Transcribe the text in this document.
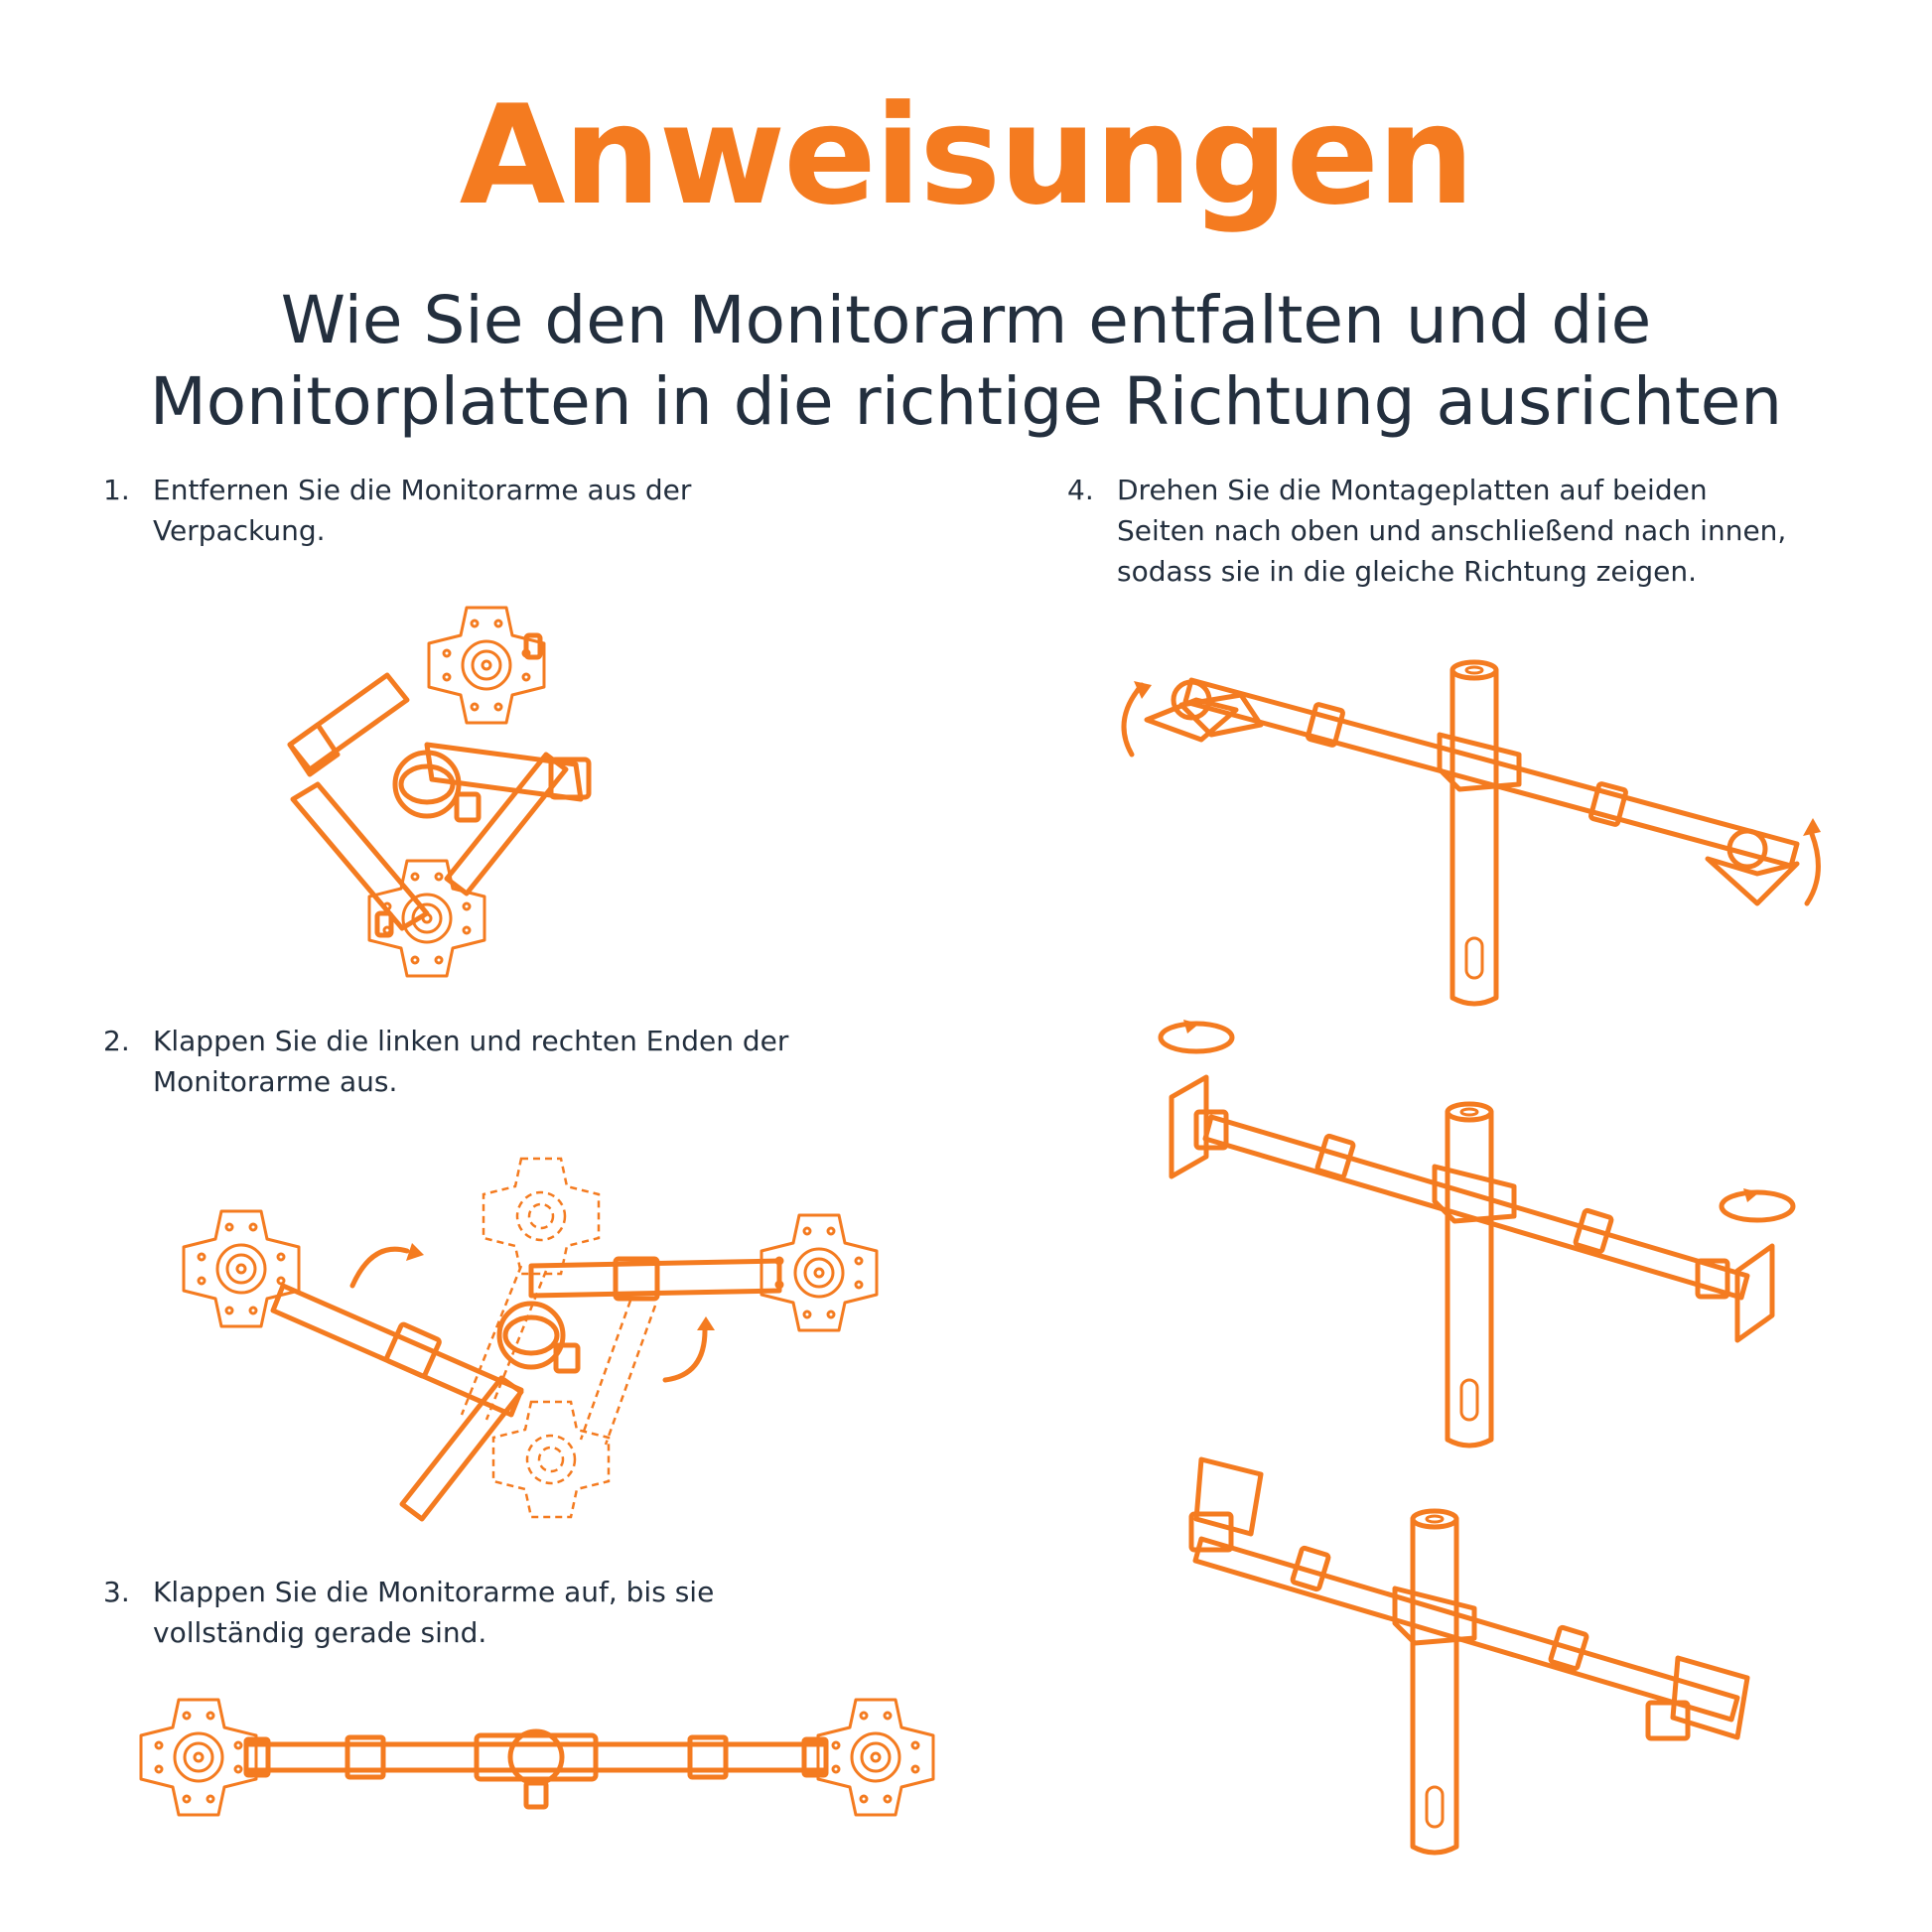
Anweisungen
Wie Sie den Monitorarm entfalten und die
Monitorplatten in die richtige Richtung ausrichten
1. Entfernen Sie die Monitorarme aus der
Verpackung.
2. Klappen Sie die linken und rechten Enden der
Monitorarme aus.
3. Klappen Sie die Monitorarme auf, bis sie
vollständig gerade sind.
4. Drehen Sie die Montageplatten auf beiden
Seiten nach oben und anschließend nach innen,
sodass sie in die gleiche Richtung zeigen.
